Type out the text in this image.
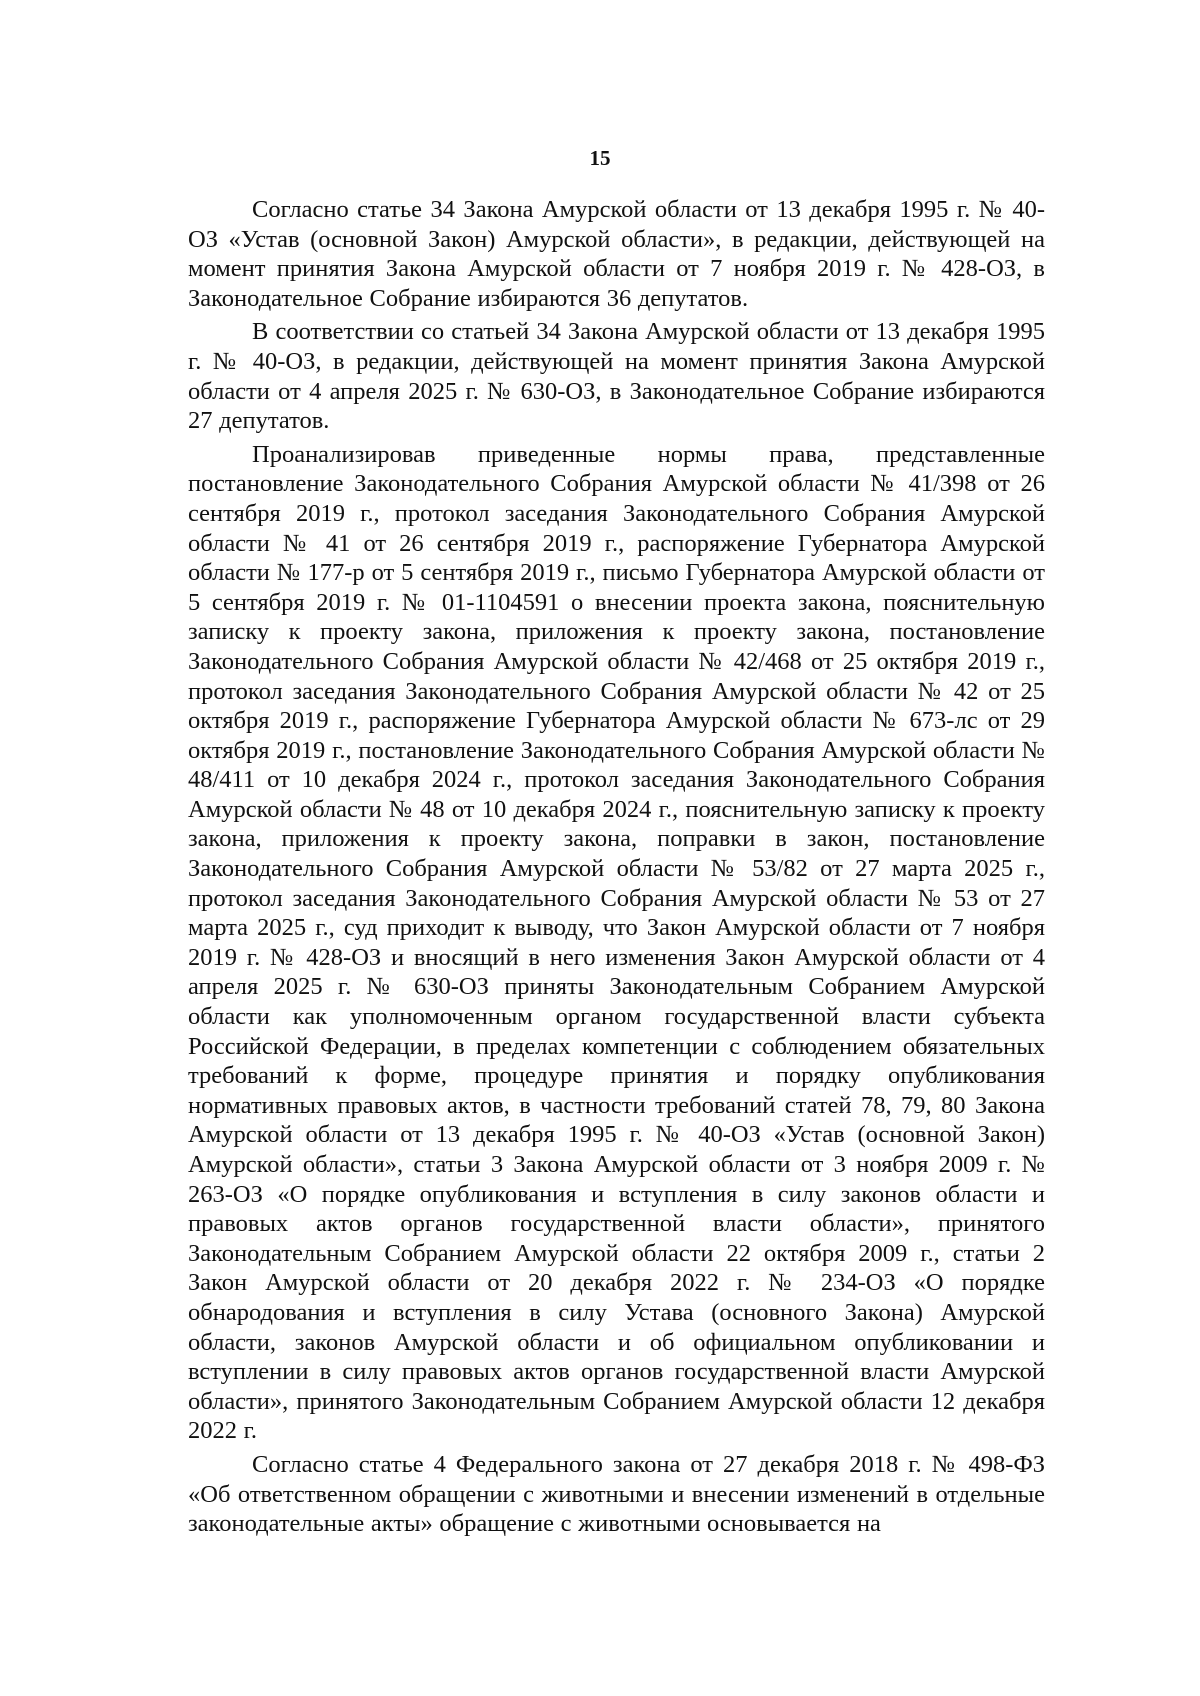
15

Согласно статье 34 Закона Амурской области от 13 декабря 1995 г. № 40-ОЗ «Устав (основной Закон) Амурской области», в редакции, действующей на момент принятия Закона Амурской области от 7 ноября 2019 г. № 428-ОЗ, в Законодательное Собрание избираются 36 депутатов.

В соответствии со статьей 34 Закона Амурской области от 13 декабря 1995 г. № 40-ОЗ, в редакции, действующей на момент принятия Закона Амурской области от 4 апреля 2025 г. № 630-ОЗ, в Законодательное Собрание избираются 27 депутатов.

Проанализировав приведенные нормы права, представленные постановление Законодательного Собрания Амурской области № 41/398 от 26 сентября 2019 г., протокол заседания Законодательного Собрания Амурской области № 41 от 26 сентября 2019 г., распоряжение Губернатора Амурской области № 177-р от 5 сентября 2019 г., письмо Губернатора Амурской области от 5 сентября 2019 г. № 01-1104591 о внесении проекта закона, пояснительную записку к проекту закона, приложения к проекту закона, постановление Законодательного Собрания Амурской области № 42/468 от 25 октября 2019 г., протокол заседания Законодательного Собрания Амурской области № 42 от 25 октября 2019 г., распоряжение Губернатора Амурской области № 673-лс от 29 октября 2019 г., постановление Законодательного Собрания Амурской области № 48/411 от 10 декабря 2024 г., протокол заседания Законодательного Собрания Амурской области № 48 от 10 декабря 2024 г., пояснительную записку к проекту закона, приложения к проекту закона, поправки в закон, постановление Законодательного Собрания Амурской области № 53/82 от 27 марта 2025 г., протокол заседания Законодательного Собрания Амурской области № 53 от 27 марта 2025 г., суд приходит к выводу, что Закон Амурской области от 7 ноября 2019 г. № 428-ОЗ и вносящий в него изменения Закон Амурской области от 4 апреля 2025 г. № 630-ОЗ приняты Законодательным Собранием Амурской области как уполномоченным органом государственной власти субъекта Российской Федерации, в пределах компетенции с соблюдением обязательных требований к форме, процедуре принятия и порядку опубликования нормативных правовых актов, в частности требований статей 78, 79, 80 Закона Амурской области от 13 декабря 1995 г. № 40-ОЗ «Устав (основной Закон) Амурской области», статьи 3 Закона Амурской области от 3 ноября 2009 г. № 263-ОЗ «О порядке опубликования и вступления в силу законов области и правовых актов органов государственной власти области», принятого Законодательным Собранием Амурской области 22 октября 2009 г., статьи 2 Закон Амурской области от 20 декабря 2022 г. № 234-ОЗ «О порядке обнародования и вступления в силу Устава (основного Закона) Амурской области, законов Амурской области и об официальном опубликовании и вступлении в силу правовых актов органов государственной власти Амурской области», принятого Законодательным Собранием Амурской области 12 декабря 2022 г.

Согласно статье 4 Федерального закона от 27 декабря 2018 г. № 498-ФЗ «Об ответственном обращении с животными и внесении изменений в отдельные законодательные акты» обращение с животными основывается на
